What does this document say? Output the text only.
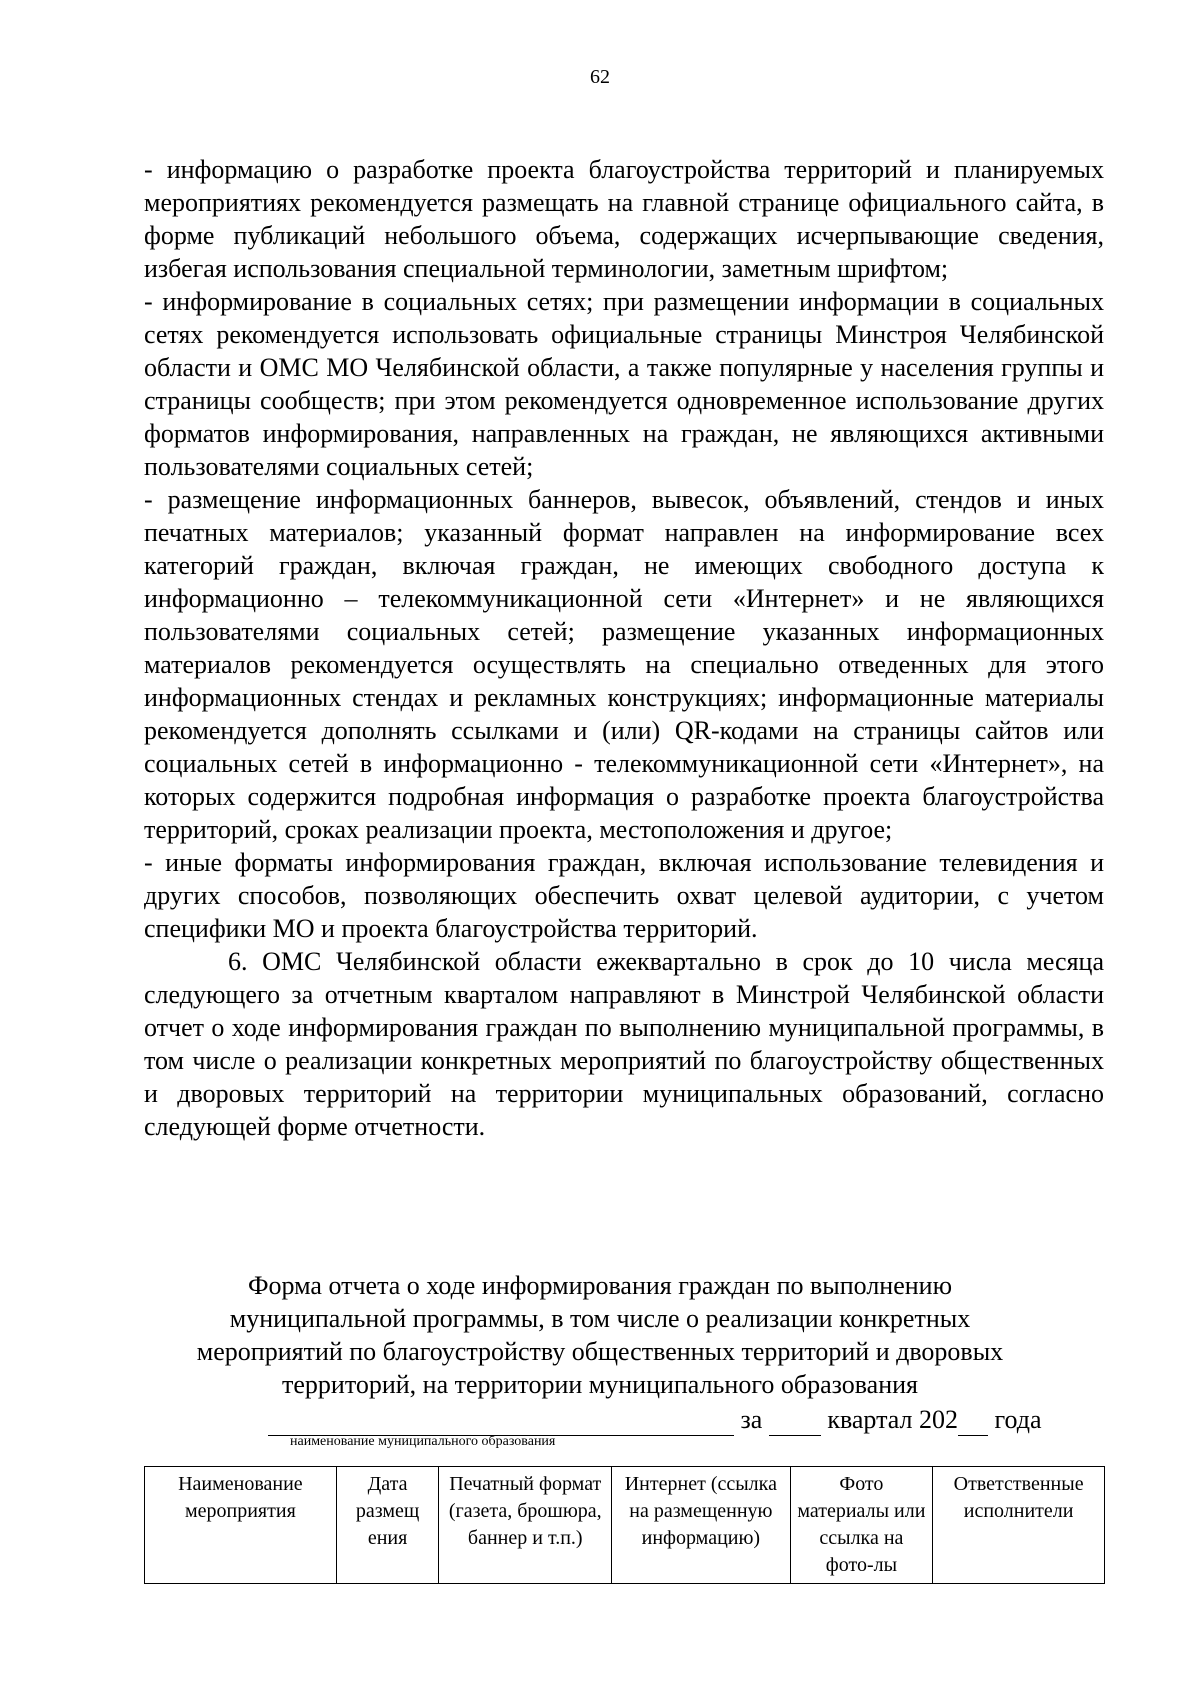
62

- информацию о разработке проекта благоустройства территорий и планируемых мероприятиях рекомендуется размещать на главной странице официального сайта, в форме публикаций небольшого объема, содержащих исчерпывающие сведения, избегая использования специальной терминологии, заметным шрифтом;

- информирование в социальных сетях; при размещении информации в социальных сетях рекомендуется использовать официальные страницы Минстроя Челябинской области и ОМС МО Челябинской области, а также популярные у населения группы и страницы сообществ; при этом рекомендуется одновременное использование других форматов информирования, направленных на граждан, не являющихся активными пользователями социальных сетей;

- размещение информационных баннеров, вывесок, объявлений, стендов и иных печатных материалов; указанный формат направлен на информирование всех категорий граждан, включая граждан, не имеющих свободного доступа к информационно – телекоммуникационной сети «Интернет» и не являющихся пользователями социальных сетей; размещение указанных информационных материалов рекомендуется осуществлять на специально отведенных для этого информационных стендах и рекламных конструкциях; информационные материалы рекомендуется дополнять ссылками и (или) QR-кодами на страницы сайтов или социальных сетей в информационно - телекоммуникационной сети «Интернет», на которых содержится подробная информация о разработке проекта благоустройства территорий, сроках реализации проекта, местоположения и другое;

- иные форматы информирования граждан, включая использование телевидения и других способов, позволяющих обеспечить охват целевой аудитории, с учетом специфики МО и проекта благоустройства территорий.

6. ОМС Челябинской области ежеквартально в срок до 10 числа месяца следующего за отчетным кварталом направляют в Минстрой Челябинской области отчет о ходе информирования граждан по выполнению муниципальной программы, в том числе о реализации конкретных мероприятий по благоустройству общественных и дворовых территорий на территории муниципальных образований, согласно следующей форме отчетности.

Форма отчета о ходе информирования граждан по выполнению
муниципальной программы, в том числе о реализации конкретных
мероприятий по благоустройству общественных территорий и дворовых
территорий, на территории муниципального образования
за	квартал 202 года
наименование муниципального образования
Наименование мероприятия	Дата размещ ения	Печатный формат (газета, брошюра, баннер и т.п.)	Интернет (ссылка на размещенную информацию)	Фото материалы или ссылка на фото-лы	Ответственные исполнители
